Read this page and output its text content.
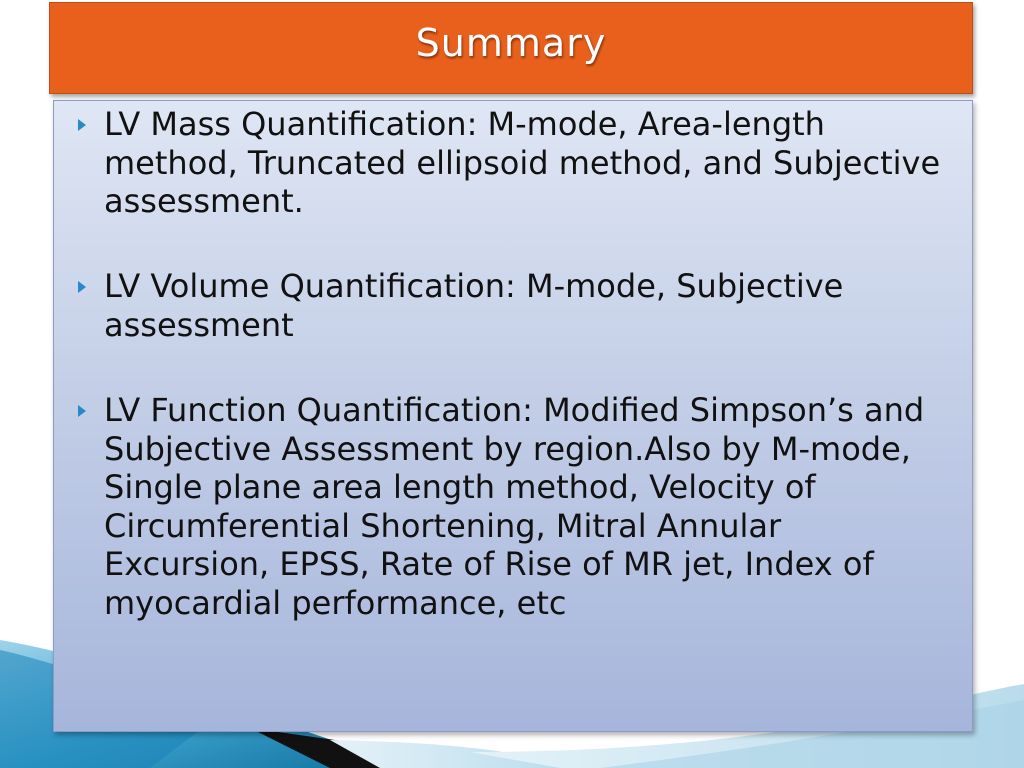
Summary
LV Mass Quantification: M-mode, Area-length method, Truncated ellipsoid method, and Subjective assessment.
LV Volume Quantification: M-mode, Subjective assessment
LV Function Quantification: Modified Simpson’s and Subjective Assessment by region.Also by M-mode, Single plane area length method, Velocity of Circumferential Shortening, Mitral Annular Excursion, EPSS, Rate of Rise of MR jet, Index of myocardial performance, etc
